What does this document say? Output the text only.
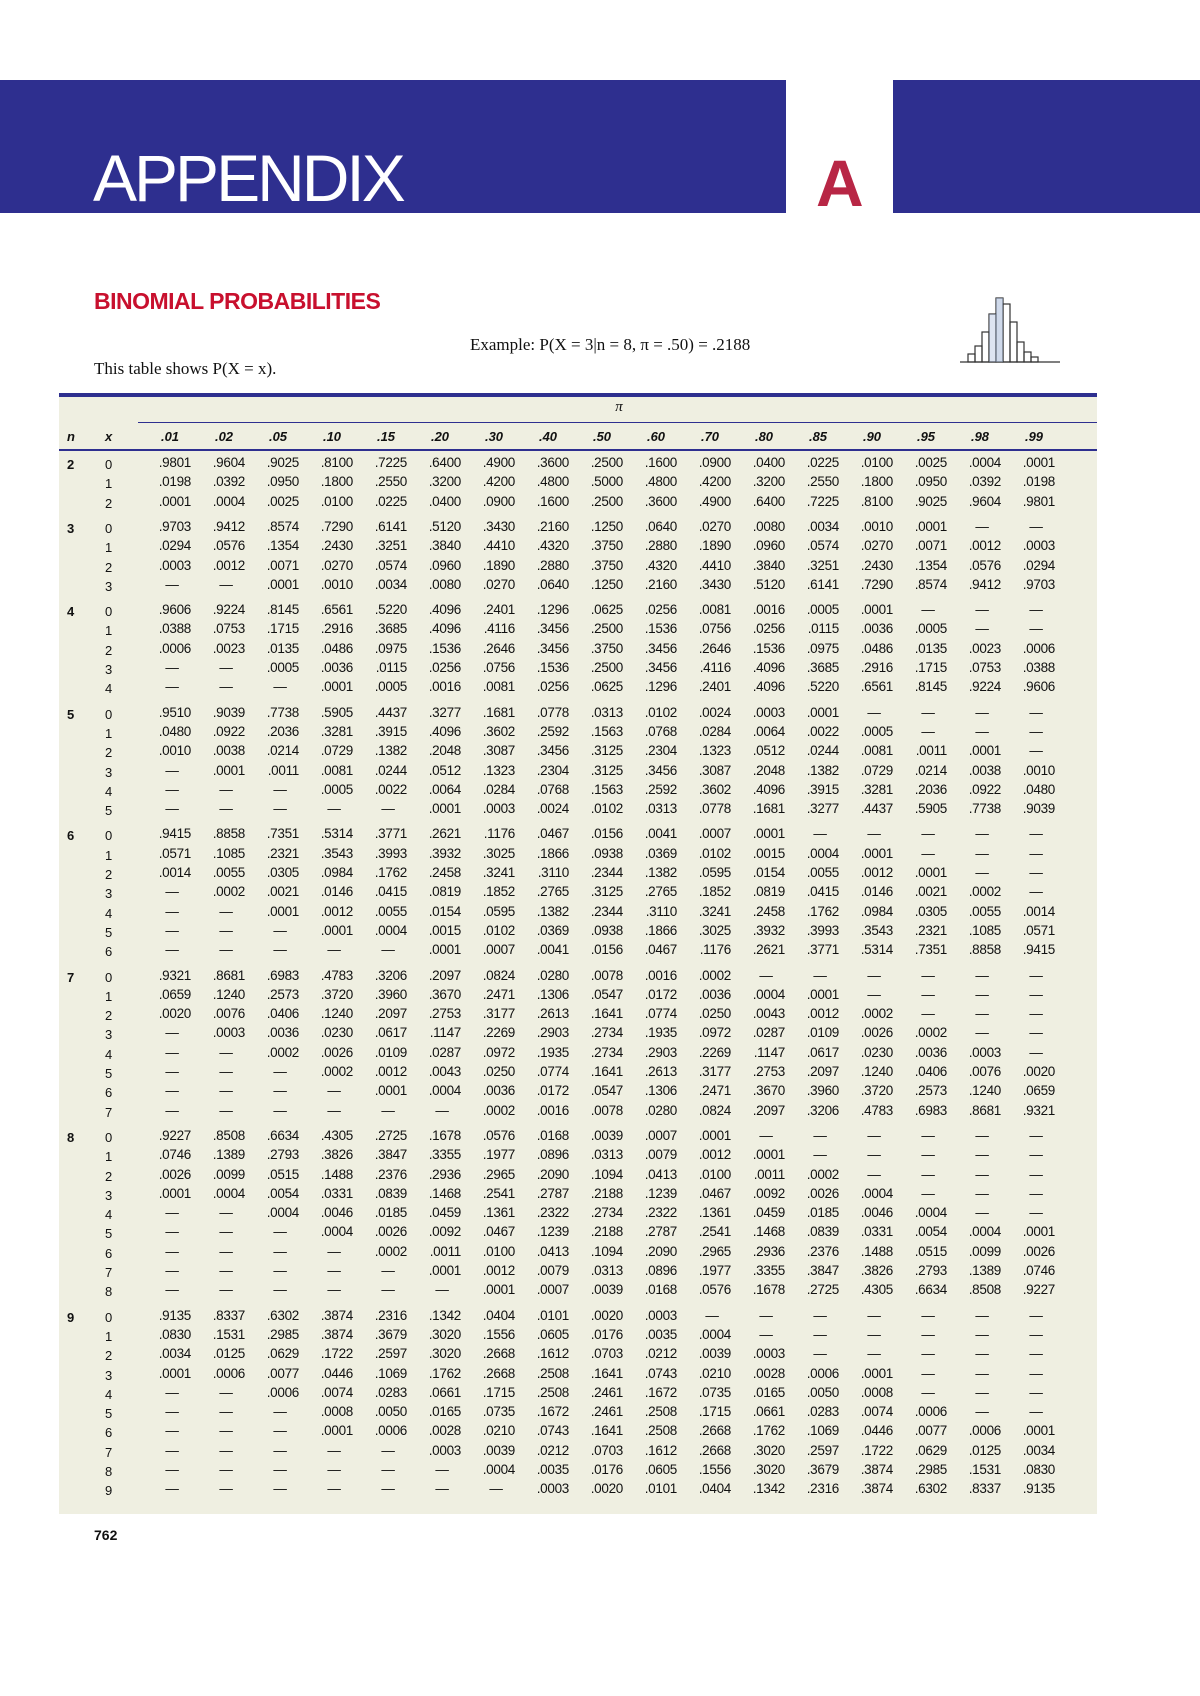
APPENDIX	A
BINOMIAL PROBABILITIES
Example: P(X = 3|n = 8, π = .50) = .2188
This table shows P(X = x).
π
n x	.01	.02	.05	.10	.15	.20	.30	.40	.50	.60	.70	.80	.85	.90	.95	.98	.99
2 0	.9801	.9604	.9025	.8100	.7225	.6400	.4900	.3600	.2500	.1600	.0900	.0400	.0225	.0100	.0025	.0004	.0001
1	.0198	.0392	.0950	.1800	.2550	.3200	.4200	.4800	.5000	.4800	.4200	.3200	.2550	.1800	.0950	.0392	.0198
2	.0001	.0004	.0025	.0100	.0225	.0400	.0900	.1600	.2500	.3600	.4900	.6400	.7225	.8100	.9025	.9604	.9801
3 0	.9703	.9412	.8574	.7290	.6141	.5120	.3430	.2160	.1250	.0640	.0270	.0080	.0034	.0010	.0001	—	—
1	.0294	.0576	.1354	.2430	.3251	.3840	.4410	.4320	.3750	.2880	.1890	.0960	.0574	.0270	.0071	.0012	.0003
2	.0003	.0012	.0071	.0270	.0574	.0960	.1890	.2880	.3750	.4320	.4410	.3840	.3251	.2430	.1354	.0576	.0294
3	—	—	.0001	.0010	.0034	.0080	.0270	.0640	.1250	.2160	.3430	.5120	.6141	.7290	.8574	.9412	.9703
4 0	.9606	.9224	.8145	.6561	.5220	.4096	.2401	.1296	.0625	.0256	.0081	.0016	.0005	.0001	—	—	—
1	.0388	.0753	.1715	.2916	.3685	.4096	.4116	.3456	.2500	.1536	.0756	.0256	.0115	.0036	.0005	—	—
2	.0006	.0023	.0135	.0486	.0975	.1536	.2646	.3456	.3750	.3456	.2646	.1536	.0975	.0486	.0135	.0023	.0006
3	—	—	.0005	.0036	.0115	.0256	.0756	.1536	.2500	.3456	.4116	.4096	.3685	.2916	.1715	.0753	.0388
4	—	—	—	.0001	.0005	.0016	.0081	.0256	.0625	.1296	.2401	.4096	.5220	.6561	.8145	.9224	.9606
5 0	.9510	.9039	.7738	.5905	.4437	.3277	.1681	.0778	.0313	.0102	.0024	.0003	.0001	—	—	—	—
1	.0480	.0922	.2036	.3281	.3915	.4096	.3602	.2592	.1563	.0768	.0284	.0064	.0022	.0005	—	—	—
2	.0010	.0038	.0214	.0729	.1382	.2048	.3087	.3456	.3125	.2304	.1323	.0512	.0244	.0081	.0011	.0001	—
3	—	.0001	.0011	.0081	.0244	.0512	.1323	.2304	.3125	.3456	.3087	.2048	.1382	.0729	.0214	.0038	.0010
4	—	—	—	.0005	.0022	.0064	.0284	.0768	.1563	.2592	.3602	.4096	.3915	.3281	.2036	.0922	.0480
5	—	—	—	—	—	.0001	.0003	.0024	.0102	.0313	.0778	.1681	.3277	.4437	.5905	.7738	.9039
6 0	.9415	.8858	.7351	.5314	.3771	.2621	.1176	.0467	.0156	.0041	.0007	.0001	—	—	—	—	—
1	.0571	.1085	.2321	.3543	.3993	.3932	.3025	.1866	.0938	.0369	.0102	.0015	.0004	.0001	—	—	—
2	.0014	.0055	.0305	.0984	.1762	.2458	.3241	.3110	.2344	.1382	.0595	.0154	.0055	.0012	.0001	—	—
3	—	.0002	.0021	.0146	.0415	.0819	.1852	.2765	.3125	.2765	.1852	.0819	.0415	.0146	.0021	.0002	—
4	—	—	.0001	.0012	.0055	.0154	.0595	.1382	.2344	.3110	.3241	.2458	.1762	.0984	.0305	.0055	.0014
5	—	—	—	.0001	.0004	.0015	.0102	.0369	.0938	.1866	.3025	.3932	.3993	.3543	.2321	.1085	.0571
6	—	—	—	—	—	.0001	.0007	.0041	.0156	.0467	.1176	.2621	.3771	.5314	.7351	.8858	.9415
7 0	.9321	.8681	.6983	.4783	.3206	.2097	.0824	.0280	.0078	.0016	.0002	—	—	—	—	—	—
1	.0659	.1240	.2573	.3720	.3960	.3670	.2471	.1306	.0547	.0172	.0036	.0004	.0001	—	—	—	—
2	.0020	.0076	.0406	.1240	.2097	.2753	.3177	.2613	.1641	.0774	.0250	.0043	.0012	.0002	—	—	—
3	—	.0003	.0036	.0230	.0617	.1147	.2269	.2903	.2734	.1935	.0972	.0287	.0109	.0026	.0002	—	—
4	—	—	.0002	.0026	.0109	.0287	.0972	.1935	.2734	.2903	.2269	.1147	.0617	.0230	.0036	.0003	—
5	—	—	—	.0002	.0012	.0043	.0250	.0774	.1641	.2613	.3177	.2753	.2097	.1240	.0406	.0076	.0020
6	—	—	—	—	.0001	.0004	.0036	.0172	.0547	.1306	.2471	.3670	.3960	.3720	.2573	.1240	.0659
7	—	—	—	—	—	—	.0002	.0016	.0078	.0280	.0824	.2097	.3206	.4783	.6983	.8681	.9321
8 0	.9227	.8508	.6634	.4305	.2725	.1678	.0576	.0168	.0039	.0007	.0001	—	—	—	—	—	—
1	.0746	.1389	.2793	.3826	.3847	.3355	.1977	.0896	.0313	.0079	.0012	.0001	—	—	—	—	—
2	.0026	.0099	.0515	.1488	.2376	.2936	.2965	.2090	.1094	.0413	.0100	.0011	.0002	—	—	—	—
3	.0001	.0004	.0054	.0331	.0839	.1468	.2541	.2787	.2188	.1239	.0467	.0092	.0026	.0004	—	—	—
4	—	—	.0004	.0046	.0185	.0459	.1361	.2322	.2734	.2322	.1361	.0459	.0185	.0046	.0004	—	—
5	—	—	—	.0004	.0026	.0092	.0467	.1239	.2188	.2787	.2541	.1468	.0839	.0331	.0054	.0004	.0001
6	—	—	—	—	.0002	.0011	.0100	.0413	.1094	.2090	.2965	.2936	.2376	.1488	.0515	.0099	.0026
7	—	—	—	—	—	.0001	.0012	.0079	.0313	.0896	.1977	.3355	.3847	.3826	.2793	.1389	.0746
8	—	—	—	—	—	—	.0001	.0007	.0039	.0168	.0576	.1678	.2725	.4305	.6634	.8508	.9227
9 0	.9135	.8337	.6302	.3874	.2316	.1342	.0404	.0101	.0020	.0003	—	—	—	—	—	—	—
1	.0830	.1531	.2985	.3874	.3679	.3020	.1556	.0605	.0176	.0035	.0004	—	—	—	—	—	—
2	.0034	.0125	.0629	.1722	.2597	.3020	.2668	.1612	.0703	.0212	.0039	.0003	—	—	—	—	—
3	.0001	.0006	.0077	.0446	.1069	.1762	.2668	.2508	.1641	.0743	.0210	.0028	.0006	.0001	—	—	—
4	—	—	.0006	.0074	.0283	.0661	.1715	.2508	.2461	.1672	.0735	.0165	.0050	.0008	—	—	—
5	—	—	—	.0008	.0050	.0165	.0735	.1672	.2461	.2508	.1715	.0661	.0283	.0074	.0006	—	—
6	—	—	—	.0001	.0006	.0028	.0210	.0743	.1641	.2508	.2668	.1762	.1069	.0446	.0077	.0006	.0001
7	—	—	—	—	—	.0003	.0039	.0212	.0703	.1612	.2668	.3020	.2597	.1722	.0629	.0125	.0034
8	—	—	—	—	—	—	.0004	.0035	.0176	.0605	.1556	.3020	.3679	.3874	.2985	.1531	.0830
9	—	—	—	—	—	—	—	.0003	.0020	.0101	.0404	.1342	.2316	.3874	.6302	.8337	.9135
762
